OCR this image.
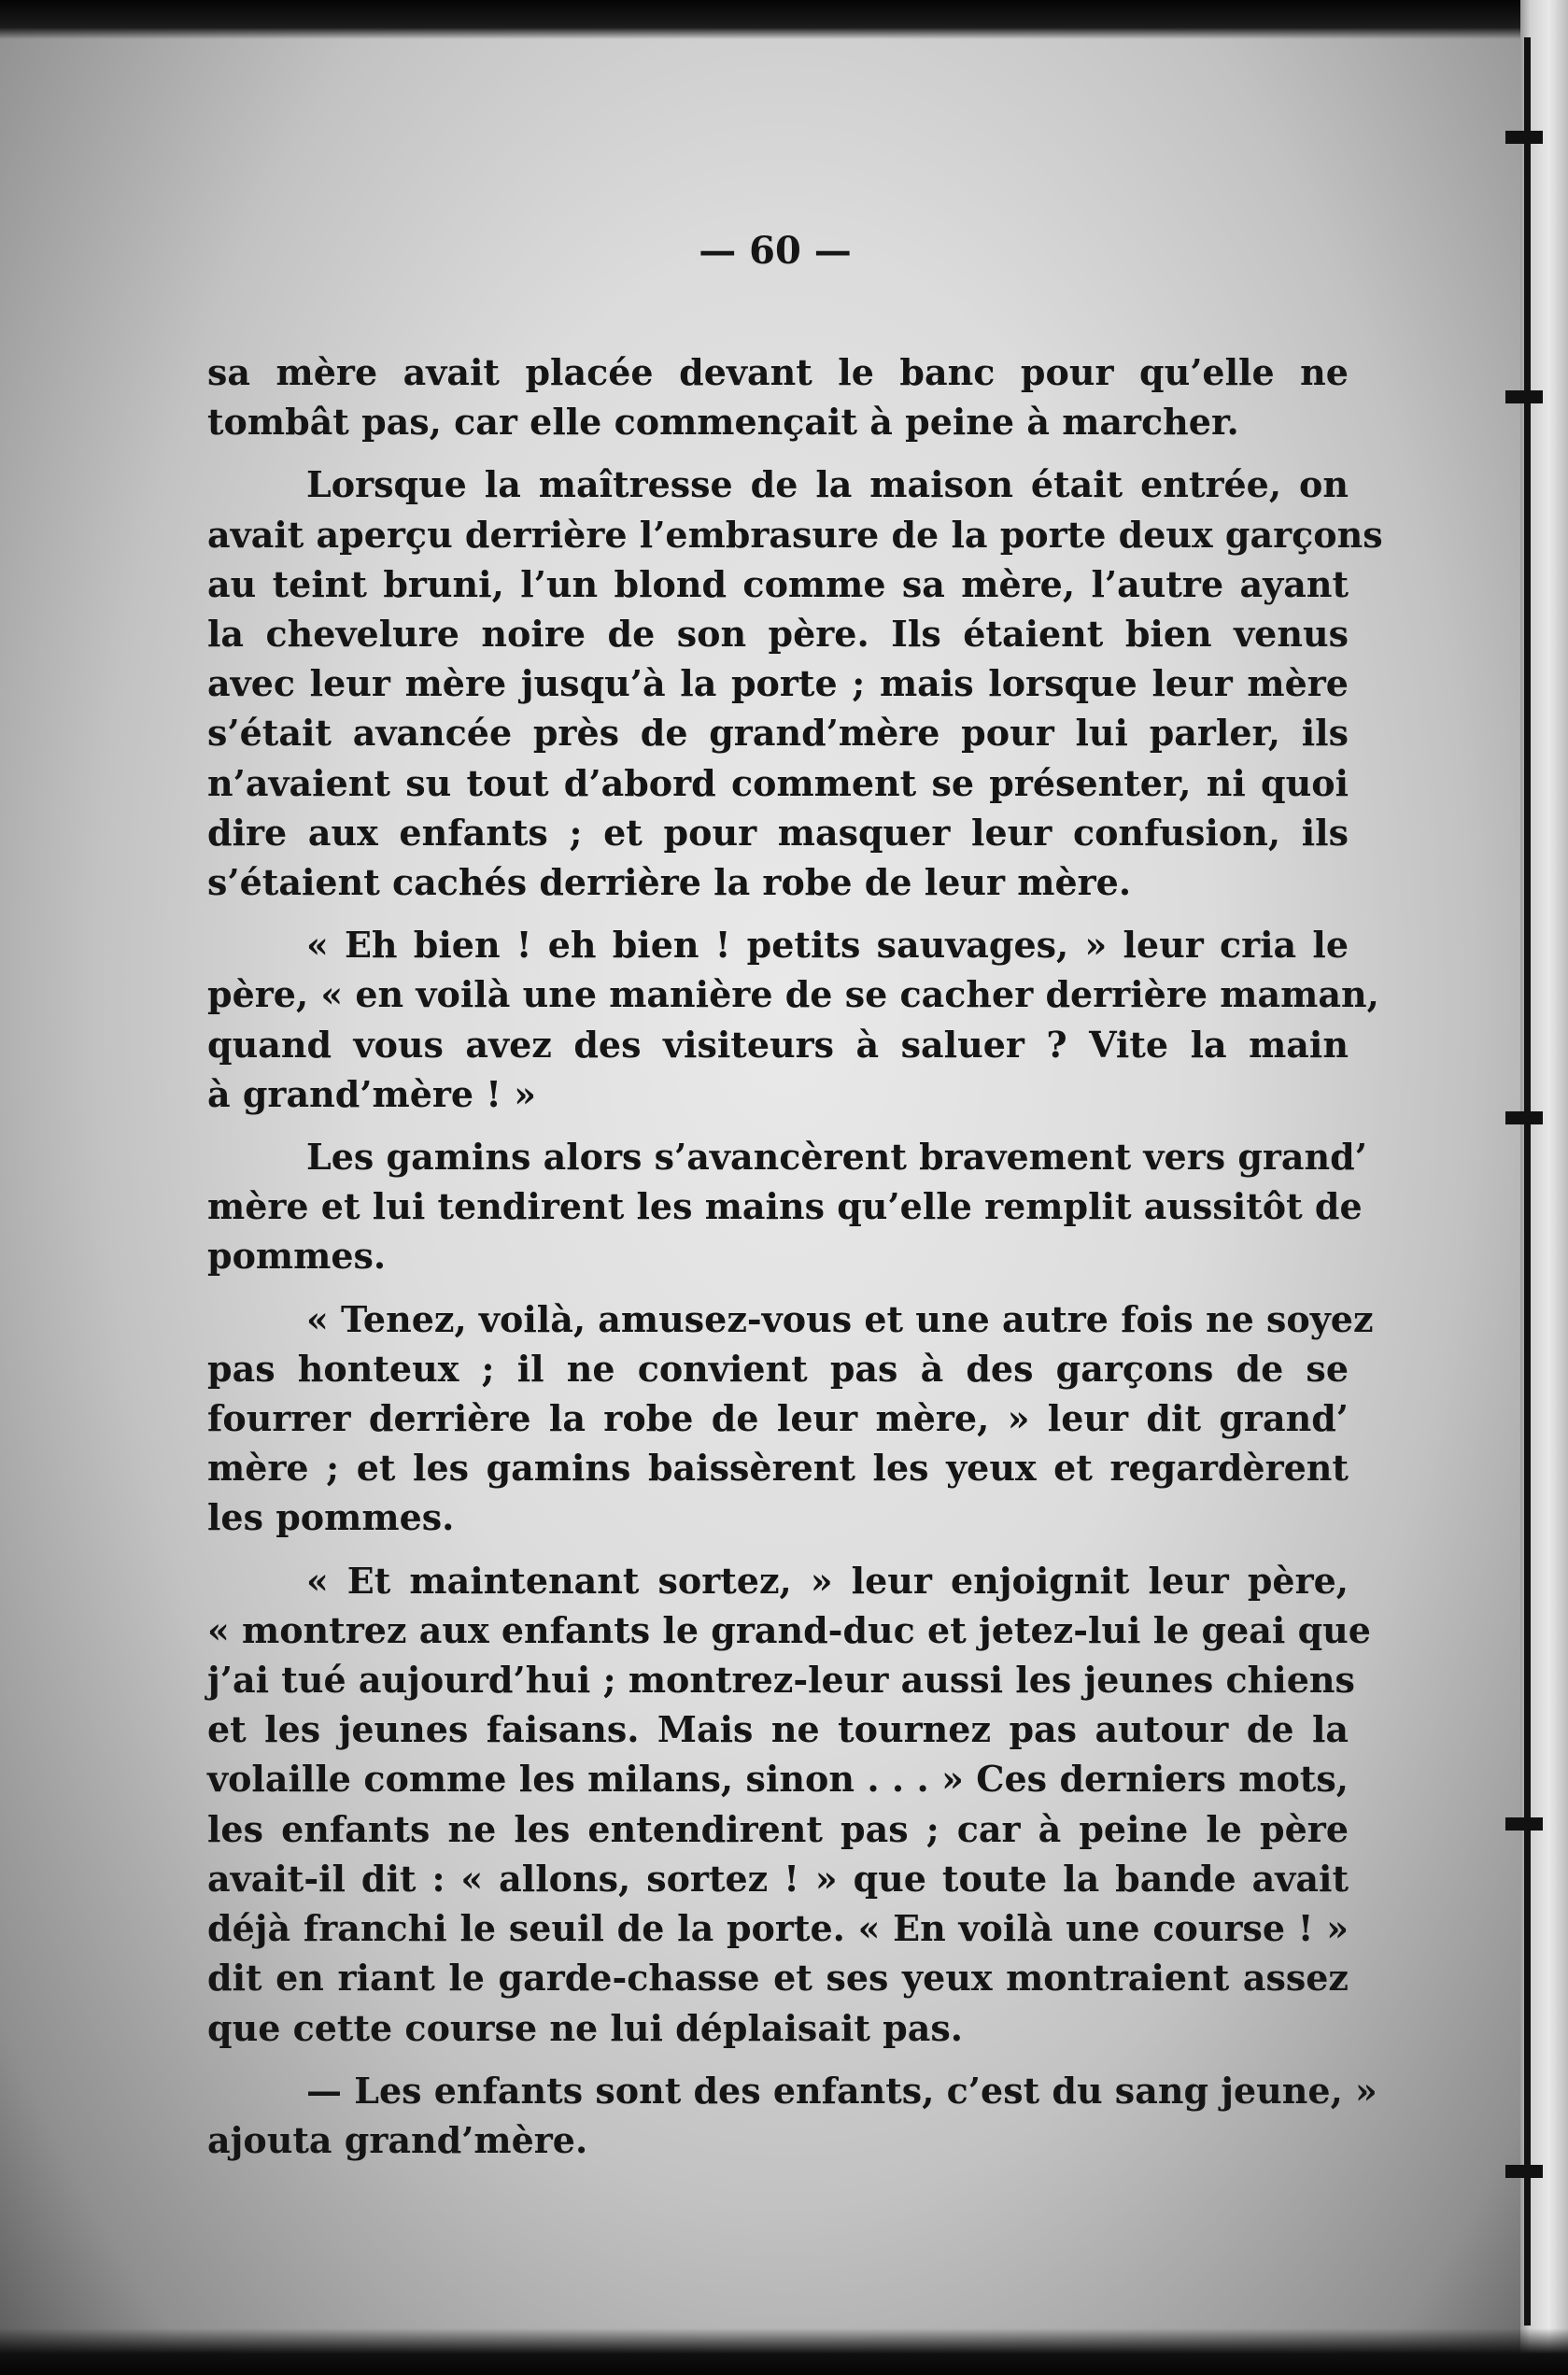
— 60 —

sa mère avait placée devant le banc pour qu’elle ne
tombât pas, car elle commençait à peine à marcher.

Lorsque la maîtresse de la maison était entrée, on
avait aperçu derrière l’embrasure de la porte deux garçons
au teint bruni, l’un blond comme sa mère, l’autre ayant
la chevelure noire de son père. Ils étaient bien venus
avec leur mère jusqu’à la porte ; mais lorsque leur mère
s’était avancée près de grand’mère pour lui parler, ils
n’avaient su tout d’abord comment se présenter, ni quoi
dire aux enfants ; et pour masquer leur confusion, ils
s’étaient cachés derrière la robe de leur mère.

« Eh bien ! eh bien ! petits sauvages, » leur cria le
père, « en voilà une manière de se cacher derrière maman,
quand vous avez des visiteurs à saluer ? Vite la main
à grand’mère ! »

Les gamins alors s’avancèrent bravement vers grand’
mère et lui tendirent les mains qu’elle remplit aussitôt de
pommes.

« Tenez, voilà, amusez-vous et une autre fois ne soyez
pas honteux ; il ne convient pas à des garçons de se
fourrer derrière la robe de leur mère, » leur dit grand’
mère ; et les gamins baissèrent les yeux et regardèrent
les pommes.

« Et maintenant sortez, » leur enjoignit leur père,
« montrez aux enfants le grand-duc et jetez-lui le geai que
j’ai tué aujourd’hui ; montrez-leur aussi les jeunes chiens
et les jeunes faisans. Mais ne tournez pas autour de la
volaille comme les milans, sinon . . . » Ces derniers mots,
les enfants ne les entendirent pas ; car à peine le père
avait-il dit : « allons, sortez ! » que toute la bande avait
déjà franchi le seuil de la porte. « En voilà une course ! »
dit en riant le garde-chasse et ses yeux montraient assez
que cette course ne lui déplaisait pas.

— Les enfants sont des enfants, c’est du sang jeune, »
ajouta grand’mère.
